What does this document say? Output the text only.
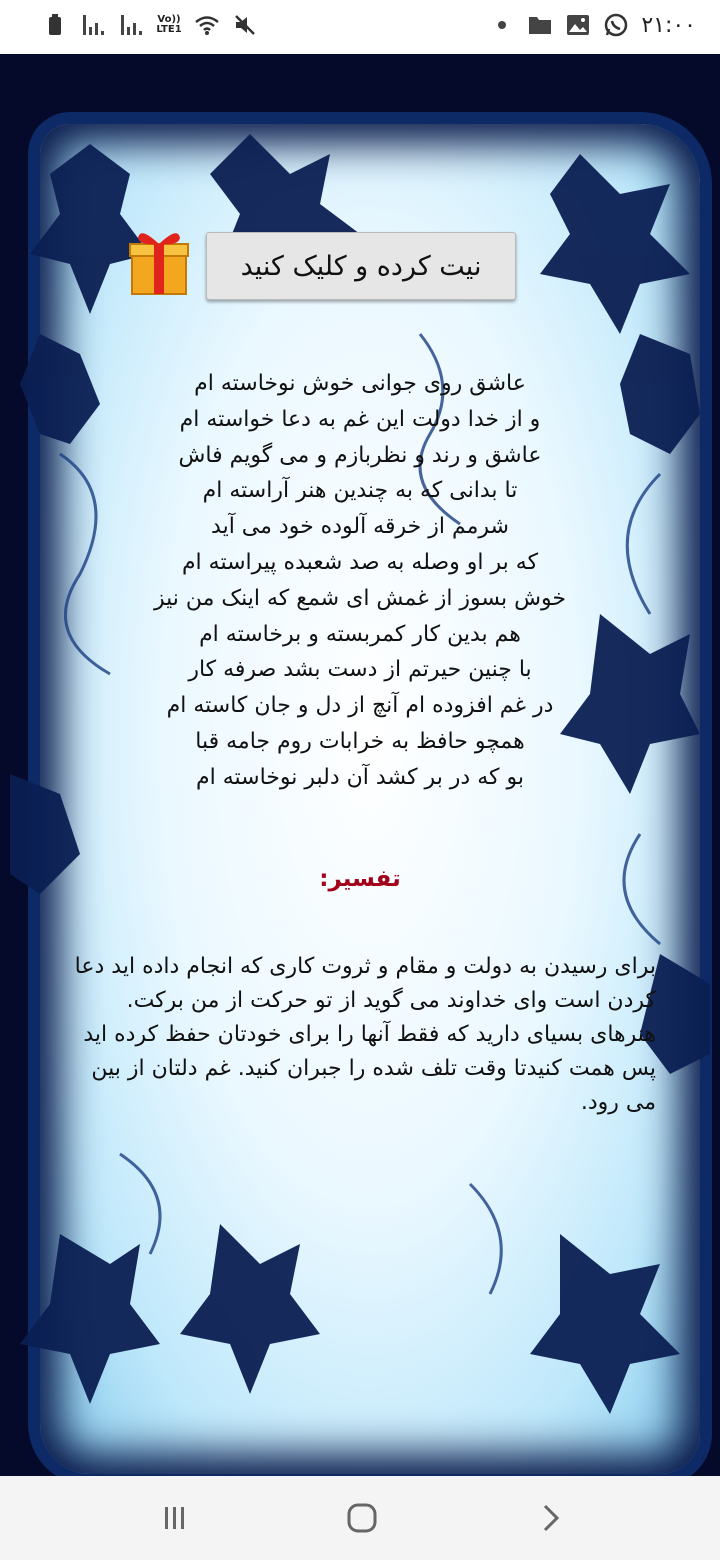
Vo))
LTE1	۲۱:۰۰
نیت کرده و کلیک کنید
عاشق روی جوانی خوش نوخاسته ام
و از خدا دولت این غم به دعا خواسته ام
عاشق و رند و نظربازم و می گویم فاش
تا بدانی که به چندین هنر آراسته ام
شرمم از خرقه آلوده خود می آید
که بر او وصله به صد شعبده پیراسته ام
خوش بسوز از غمش ای شمع که اینک من نیز
هم بدین کار کمربسته و برخاسته ام
با چنین حیرتم از دست بشد صرفه کار
در غم افزوده ام آنچ از دل و جان کاسته ام
همچو حافظ به خرابات روم جامه قبا
بو که در بر کشد آن دلبر نوخاسته ام
تفسیر:
برای رسیدن به دولت و مقام و ثروت کاری که انجام داده اید دعا کردن است وای خداوند می گوید از تو حرکت از من برکت. هنرهای بسیای دارید که فقط آنها را برای خودتان حفظ کرده اید پس همت کنیدتا وقت تلف شده را جبران کنید. غم دلتان از بین می رود.
